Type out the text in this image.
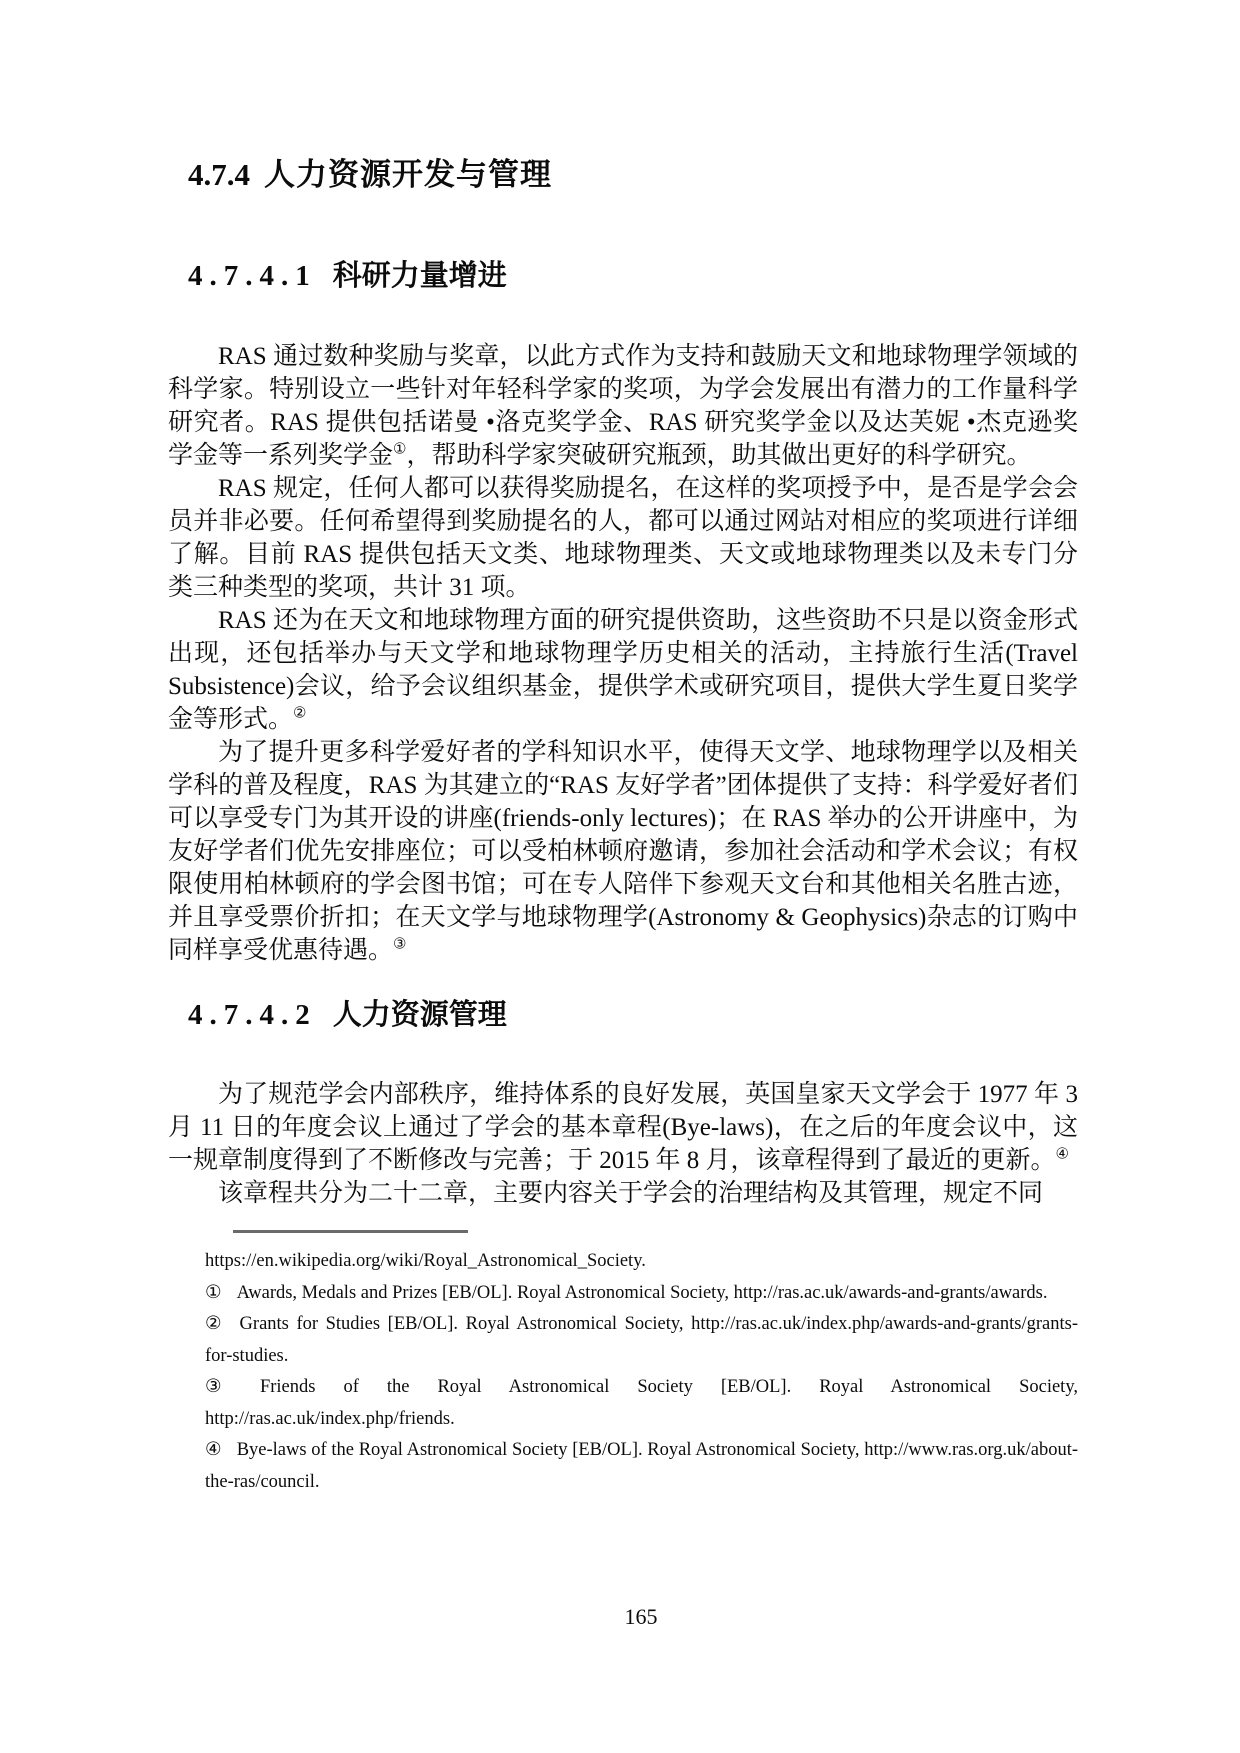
4.7.4 人力资源开发与管理
4.7.4.1 科研力量增进

RAS 通过数种奖励与奖章，以此方式作为支持和鼓励天文和地球物理学领域的科学家。特别设立一些针对年轻科学家的奖项，为学会发展出有潜力的工作量科学研究者。RAS 提供包括诺曼 •洛克奖学金、RAS 研究奖学金以及达芙妮 •杰克逊奖学金等一系列奖学金①，帮助科学家突破研究瓶颈，助其做出更好的科学研究。

RAS 规定，任何人都可以获得奖励提名，在这样的奖项授予中，是否是学会会员并非必要。任何希望得到奖励提名的人，都可以通过网站对相应的奖项进行详细了解。目前 RAS 提供包括天文类、地球物理类、天文或地球物理类以及未专门分类三种类型的奖项，共计 31 项。

RAS 还为在天文和地球物理方面的研究提供资助，这些资助不只是以资金形式出现，还包括举办与天文学和地球物理学历史相关的活动，主持旅行生活(Travel Subsistence)会议，给予会议组织基金，提供学术或研究项目，提供大学生夏日奖学金等形式。②

为了提升更多科学爱好者的学科知识水平，使得天文学、地球物理学以及相关学科的普及程度，RAS 为其建立的“RAS 友好学者”团体提供了支持：科学爱好者们可以享受专门为其开设的讲座(friends-only lectures)；在 RAS 举办的公开讲座中，为友好学者们优先安排座位；可以受柏林顿府邀请，参加社会活动和学术会议；有权限使用柏林顿府的学会图书馆；可在专人陪伴下参观天文台和其他相关名胜古迹，并且享受票价折扣；在天文学与地球物理学(Astronomy & Geophysics)杂志的订购中同样享受优惠待遇。③

4.7.4.2 人力资源管理

为了规范学会内部秩序，维持体系的良好发展，英国皇家天文学会于 1977 年 3 月 11 日的年度会议上通过了学会的基本章程(Bye-laws)，在之后的年度会议中，这一规章制度得到了不断修改与完善；于 2015 年 8 月，该章程得到了最近的更新。④

该章程共分为二十二章，主要内容关于学会的治理结构及其管理，规定不同

https://en.wikipedia.org/wiki/Royal_Astronomical_Society.

① Awards, Medals and Prizes [EB/OL]. Royal Astronomical Society, http://ras.ac.uk/awards-and-grants/awards.

② Grants for Studies [EB/OL]. Royal Astronomical Society, http://ras.ac.uk/index.php/awards-and-grants/grants-for-studies.

③ Friends of the Royal Astronomical Society [EB/OL]. Royal Astronomical Society, http://ras.ac.uk/index.php/friends.

④ Bye-laws of the Royal Astronomical Society [EB/OL]. Royal Astronomical Society, http://www.ras.org.uk/about-the-ras/council.

165
